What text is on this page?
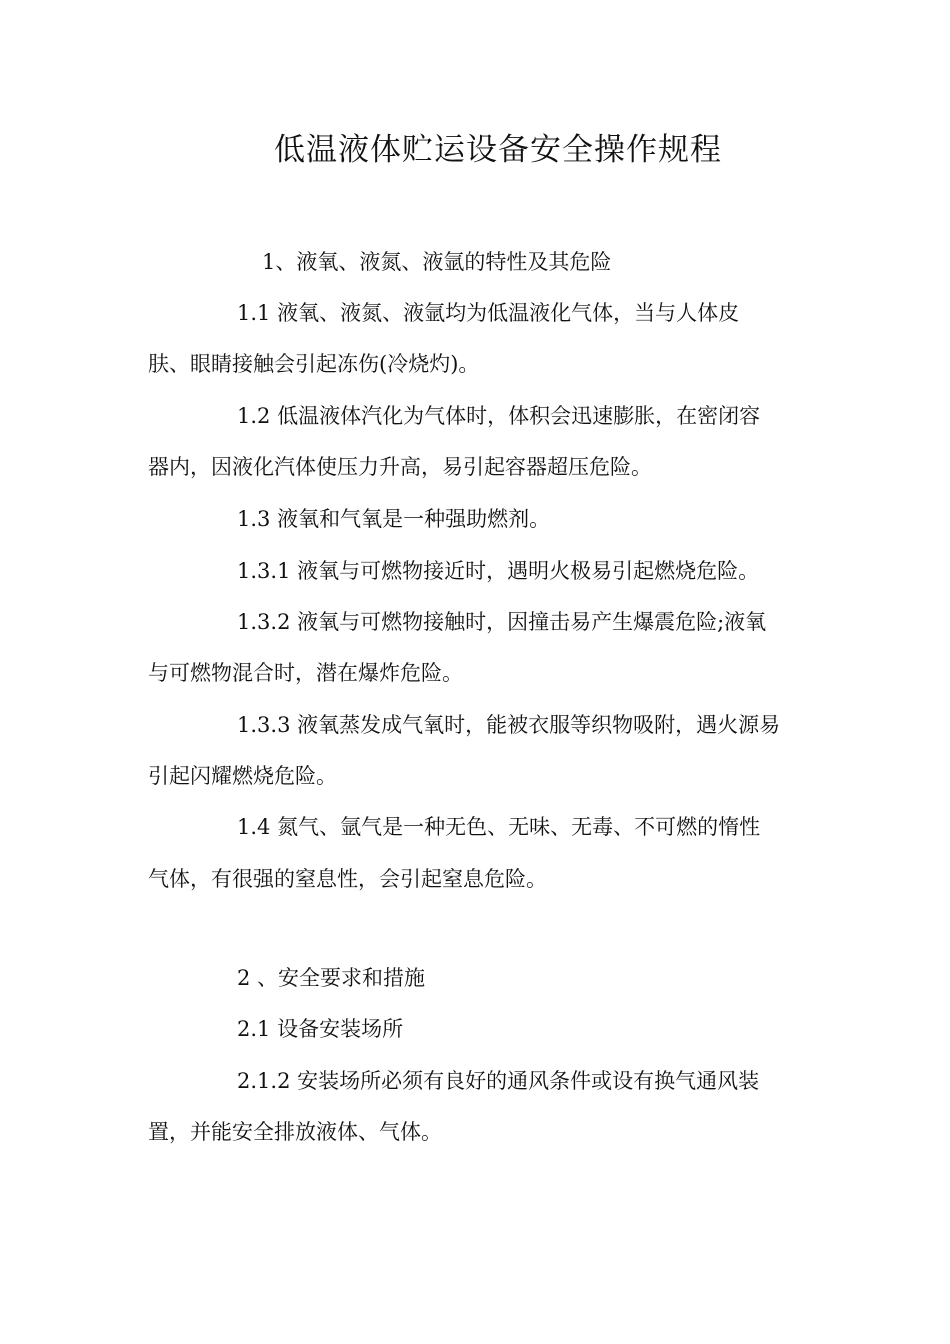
低温液体贮运设备安全操作规程
1、液氧、液氮、液氩的特性及其危险
1.1 液氧、液氮、液氩均为低温液化气体，当与人体皮
肤、眼睛接触会引起冻伤(冷烧灼)。
1.2 低温液体汽化为气体时，体积会迅速膨胀，在密闭容
器内，因液化汽体使压力升高，易引起容器超压危险。
1.3 液氧和气氧是一种强助燃剂。
1.3.1 液氧与可燃物接近时，遇明火极易引起燃烧危险。
1.3.2 液氧与可燃物接触时，因撞击易产生爆震危险;液氧
与可燃物混合时，潜在爆炸危险。
1.3.3 液氧蒸发成气氧时，能被衣服等织物吸附，遇火源易
引起闪耀燃烧危险。
1.4 氮气、氩气是一种无色、无味、无毒、不可燃的惰性
气体，有很强的窒息性，会引起窒息危险。
2 、安全要求和措施
2.1 设备安装场所
2.1.2 安装场所必须有良好的通风条件或设有换气通风装
置，并能安全排放液体、气体。
